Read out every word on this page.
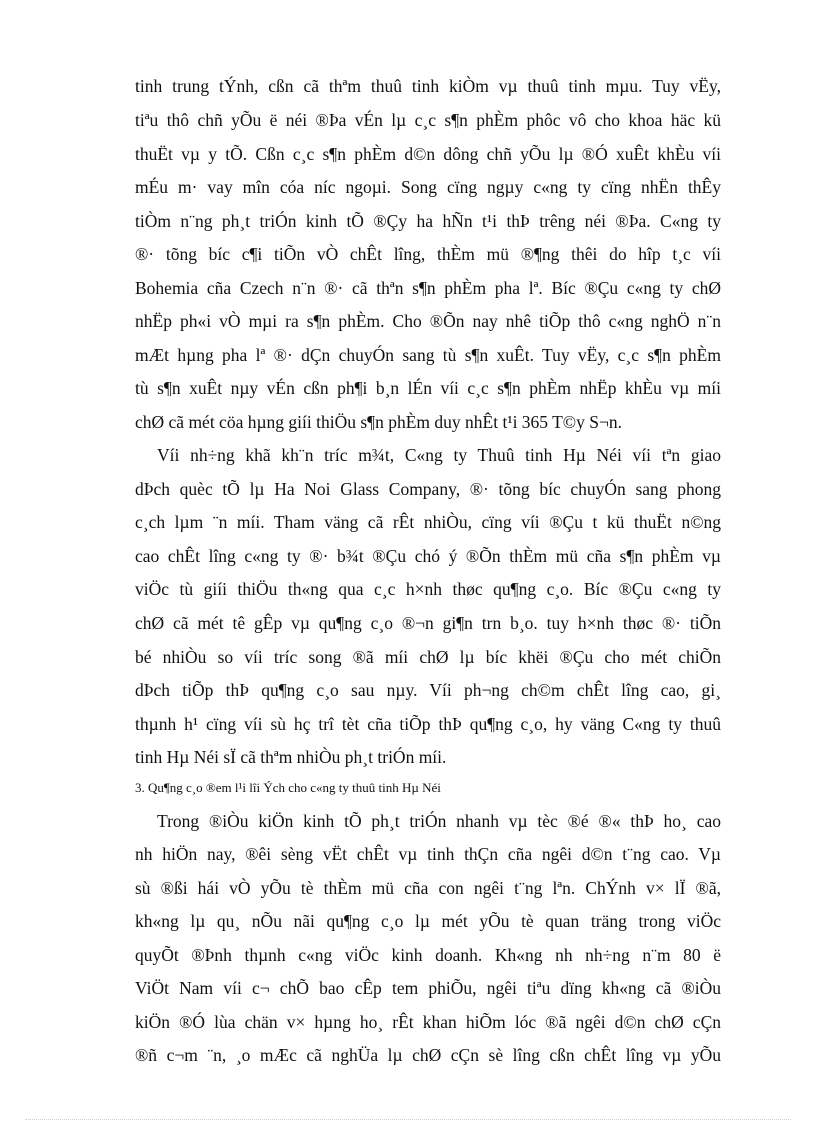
tinh trung tÝnh, cßn cã thªm thuû tinh kiÒm vµ thuû tinh mµu. Tuy vËy,
tiªu thô chñ yÕu ë néi ®Þa vÉn lµ c¸c s¶n phÈm phôc vô cho khoa häc kü
thuËt vµ y tÕ. Cßn c¸c s¶n phÈm d©n dông chñ yÕu lµ ®Ó xuÊt khÈu víi
mÉu m· vay mîn cóa níc ngoµi. Song cïng ngµy c«ng ty cïng nhËn thÊy
tiÒm n¨ng ph¸t triÓn kinh tÕ ®Çy ha hÑn t¹i thÞ trêng néi ®Þa. C«ng ty
®· tõng bíc c¶i tiÕn vÒ chÊt lîng, thÈm mü ®¶ng thêi do hîp t¸c víi
Bohemia cña Czech n¨n ®· cã thªn s¶n phÈm pha lª. Bíc ®Çu c«ng ty chØ
nhËp ph«i vÒ mµi ra s¶n phÈm. Cho ®Õn nay nhê tiÕp thô c«ng nghÖ n¨n
mÆt hµng pha lª ®· dÇn chuyÓn sang tù s¶n xuÊt. Tuy vËy, c¸c s¶n phÈm
tù s¶n xuÊt nµy vÉn cßn ph¶i b¸n lÉn víi c¸c s¶n phÈm nhËp khÈu vµ míi
chØ cã mét cöa hµng giíi thiÖu s¶n phÈm duy nhÊt t¹i 365 T©y S¬n.
Víi nh÷ng khã kh¨n tríc m¾t, C«ng ty Thuû tinh Hµ Néi víi tªn giao
dÞch quèc tÕ lµ Ha Noi Glass Company, ®· tõng bíc chuyÓn sang phong
c¸ch lµm ¨n míi. Tham väng cã rÊt nhiÒu, cïng víi ®Çu t kü thuËt n©ng
cao chÊt lîng c«ng ty ®· b¾t ®Çu chó ý ®Õn thÈm mü cña s¶n phÈm vµ
viÖc tù giíi thiÖu th«ng qua c¸c h×nh thøc qu¶ng c¸o. Bíc ®Çu c«ng ty
chØ cã mét tê gÊp vµ qu¶ng c¸o ®¬n gi¶n trn b¸o. tuy h×nh thøc ®· tiÕn
bé nhiÒu so víi tríc song ®ã míi chØ lµ bíc khëi ®Çu cho mét chiÕn
dÞch tiÕp thÞ qu¶ng c¸o sau nµy. Víi ph¬ng ch©m chÊt lîng cao, gi¸
thµnh h¹ cïng víi sù hç trî tèt cña tiÕp thÞ qu¶ng c¸o, hy väng C«ng ty thuû
tinh Hµ Néi sÏ cã thªm nhiÒu ph¸t triÓn míi.
3. Qu¶ng c¸o ®em l¹i lîi Ých cho c«ng ty thuû tinh Hµ Néi
Trong ®iÒu kiÖn kinh tÕ ph¸t triÓn nhanh vµ tèc ®é ®« thÞ ho¸ cao
nh hiÖn nay, ®êi sèng vËt chÊt vµ tinh thÇn cña ngêi d©n t¨ng cao. Vµ
sù ®ßi hái vÒ yÕu tè thÈm mü cña con ngêi t¨ng lªn. ChÝnh v× lÏ ®ã,
kh«ng lµ qu¸ nÕu nãi qu¶ng c¸o lµ mét yÕu tè quan träng trong viÖc
quyÕt ®Þnh thµnh c«ng viÖc kinh doanh. Kh«ng nh nh÷ng n¨m 80 ë
ViÖt Nam víi c¬ chÕ bao cÊp tem phiÕu, ngêi tiªu dïng kh«ng cã ®iÒu
kiÖn ®Ó lùa chän v× hµng ho¸ rÊt khan hiÕm lóc ®ã ngêi d©n chØ cÇn
®ñ c¬m ¨n, ¸o mÆc cã nghÜa lµ chØ cÇn sè lîng cßn chÊt lîng vµ yÕu
